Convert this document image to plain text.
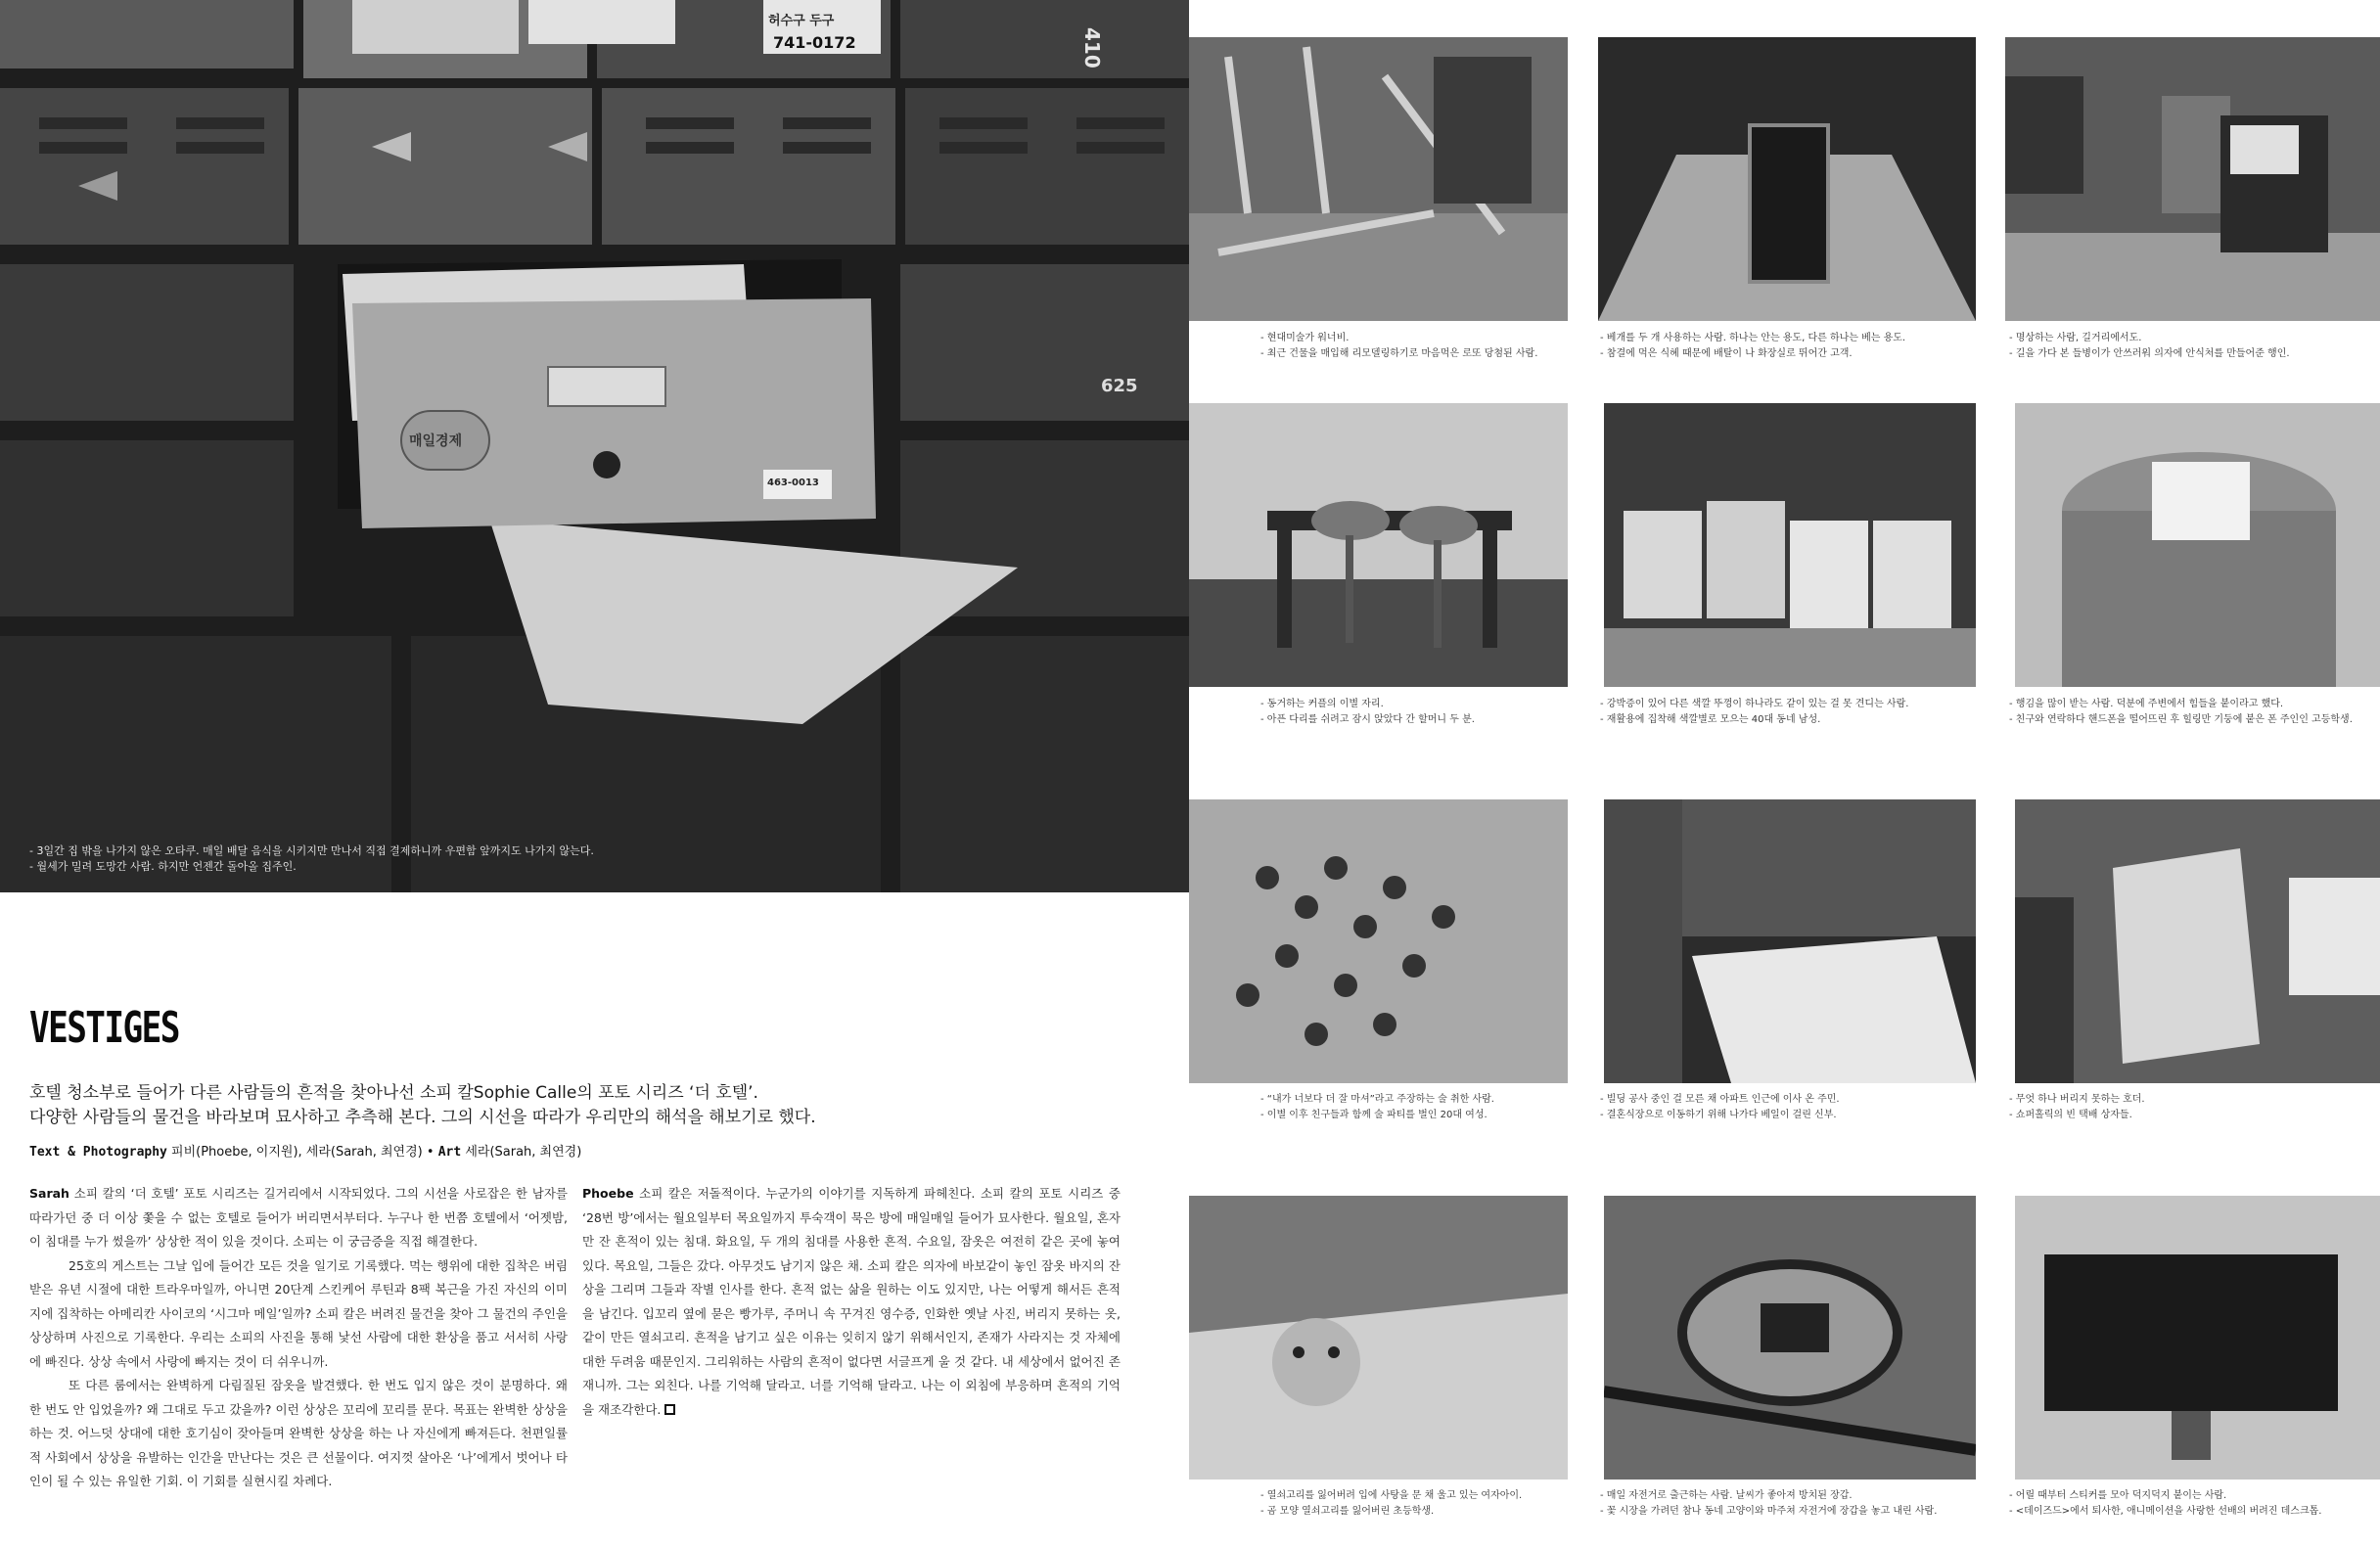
허수구 두구
741-0172
625
매일경제
463-0013
- 3일간 집 밖을 나가지 않은 오타쿠. 매일 배달 음식을 시키지만 만나서 직접 결제하니까 우편함 앞까지도 나가지 않는다.
- 월세가 밀려 도망간 사람. 하지만 언젠간 돌아올 집주인.
410
VESTIGES
호텔 청소부로 들어가 다른 사람들의 흔적을 찾아나선 소피 칼Sophie Calle의 포토 시리즈 ‘더 호텔’.
다양한 사람들의 물건을 바라보며 묘사하고 추측해 본다. 그의 시선을 따라가 우리만의 해석을 해보기로 했다.
Text & Photography 피비(Phoebe, 이지원), 세라(Sarah, 최연경) • Art 세라(Sarah, 최연경)

Sarah 소피 칼의 ‘더 호텔’ 포토 시리즈는 길거리에서 시작되었다. 그의 시선을 사로잡은 한 남자를 따라가던 중 더 이상 쫓을 수 없는 호텔로 들어가 버리면서부터다. 누구나 한 번쯤 호텔에서 ‘어젯밤, 이 침대를 누가 썼을까’ 상상한 적이 있을 것이다. 소피는 이 궁금증을 직접 해결한다.

25호의 게스트는 그날 입에 들어간 모든 것을 일기로 기록했다. 먹는 행위에 대한 집착은 버림받은 유년 시절에 대한 트라우마일까, 아니면 20단계 스킨케어 루틴과 8팩 복근을 가진 자신의 이미지에 집착하는 아메리칸 사이코의 ‘시그마 메일’일까? 소피 칼은 버려진 물건을 찾아 그 물건의 주인을 상상하며 사진으로 기록한다. 우리는 소피의 사진을 통해 낯선 사람에 대한 환상을 품고 서서히 사랑에 빠진다. 상상 속에서 사랑에 빠지는 것이 더 쉬우니까.

또 다른 룸에서는 완벽하게 다림질된 잠옷을 발견했다. 한 번도 입지 않은 것이 분명하다. 왜 한 번도 안 입었을까? 왜 그대로 두고 갔을까? 이런 상상은 꼬리에 꼬리를 문다. 목표는 완벽한 상상을 하는 것. 어느덧 상대에 대한 호기심이 잦아들며 완벽한 상상을 하는 나 자신에게 빠져든다. 천편일률적 사회에서 상상을 유발하는 인간을 만난다는 것은 큰 선물이다. 여지껏 살아온 ‘나’에게서 벗어나 타인이 될 수 있는 유일한 기회. 이 기회를 실현시킬 차례다.

Phoebe 소피 칼은 저돌적이다. 누군가의 이야기를 지독하게 파헤친다. 소피 칼의 포토 시리즈 중 ‘28번 방’에서는 월요일부터 목요일까지 투숙객이 묵은 방에 매일매일 들어가 묘사한다. 월요일, 혼자만 잔 흔적이 있는 침대. 화요일, 두 개의 침대를 사용한 흔적. 수요일, 잠옷은 여전히 같은 곳에 놓여 있다. 목요일, 그들은 갔다. 아무것도 남기지 않은 채. 소피 칼은 의자에 바보같이 놓인 잠옷 바지의 잔상을 그리며 그들과 작별 인사를 한다. 흔적 없는 삶을 원하는 이도 있지만, 나는 어떻게 해서든 흔적을 남긴다. 입꼬리 옆에 묻은 빵가루, 주머니 속 꾸겨진 영수증, 인화한 옛날 사진, 버리지 못하는 옷, 같이 만든 열쇠고리. 흔적을 남기고 싶은 이유는 잊히지 않기 위해서인지, 존재가 사라지는 것 자체에 대한 두려움 때문인지. 그리워하는 사람의 흔적이 없다면 서글프게 울 것 같다. 내 세상에서 없어진 존재니까. 그는 외친다. 나를 기억해 달라고. 너를 기억해 달라고. 나는 이 외침에 부응하며 흔적의 기억을 재조각한다.

- 현대미술가 워너비.
- 최근 건물을 매입해 리모델링하기로 마음먹은 로또 당첨된 사람.
- 베개를 두 개 사용하는 사람. 하나는 안는 용도, 다른 하나는 베는 용도.
- 참결에 먹은 식혜 때문에 배탈이 나 화장실로 뛰어간 고객.
- 명상하는 사람, 길거리에서도.
- 길을 가다 본 들병이가 안쓰러워 의자에 안식처를 만들어준 행인.
- 동거하는 커플의 이별 자리.
- 아픈 다리를 쉬려고 잠시 앉았다 간 할머니 두 분.
- 강박증이 있어 다른 색깔 뚜껑이 하나라도 같이 있는 걸 못 견디는 사람.
- 재활용에 집착해 색깔별로 모으는 40대 동네 남성.
- 행김을 많이 받는 사람. 덕분에 주변에서 힘들을 붙이라고 했다.
- 친구와 연락하다 핸드폰을 떨어뜨린 후 힐링만 기둥에 붙은 폰 주인인 고등학생.
- “내가 너보다 더 잘 마셔”라고 주장하는 술 취한 사람.
- 이별 이후 친구들과 함께 술 파티를 벌인 20대 여성.
- 빌딩 공사 중인 걸 모른 채 아파트 인근에 이사 온 주민.
- 결혼식장으로 이동하기 위해 나가다 베일이 걸린 신부.
- 무엇 하나 버리지 못하는 호더.
- 쇼퍼홀릭의 빈 택배 상자들.
- 열쇠고리를 잃어버려 입에 사탕을 문 채 울고 있는 여자아이.
- 곰 모양 열쇠고리를 잃어버린 초등학생.
- 매일 자전거로 출근하는 사람. 날씨가 좋아져 방치된 장갑.
- 꽃 시장을 가려던 참나 동네 고양이와 마주쳐 자전거에 장갑을 놓고 내린 사람.
- 어릴 때부터 스티커를 모아 덕지덕지 붙이는 사람.
- <데이즈드>에서 퇴사한, 애니메이션을 사랑한 선배의 버려진 데스크톱.
